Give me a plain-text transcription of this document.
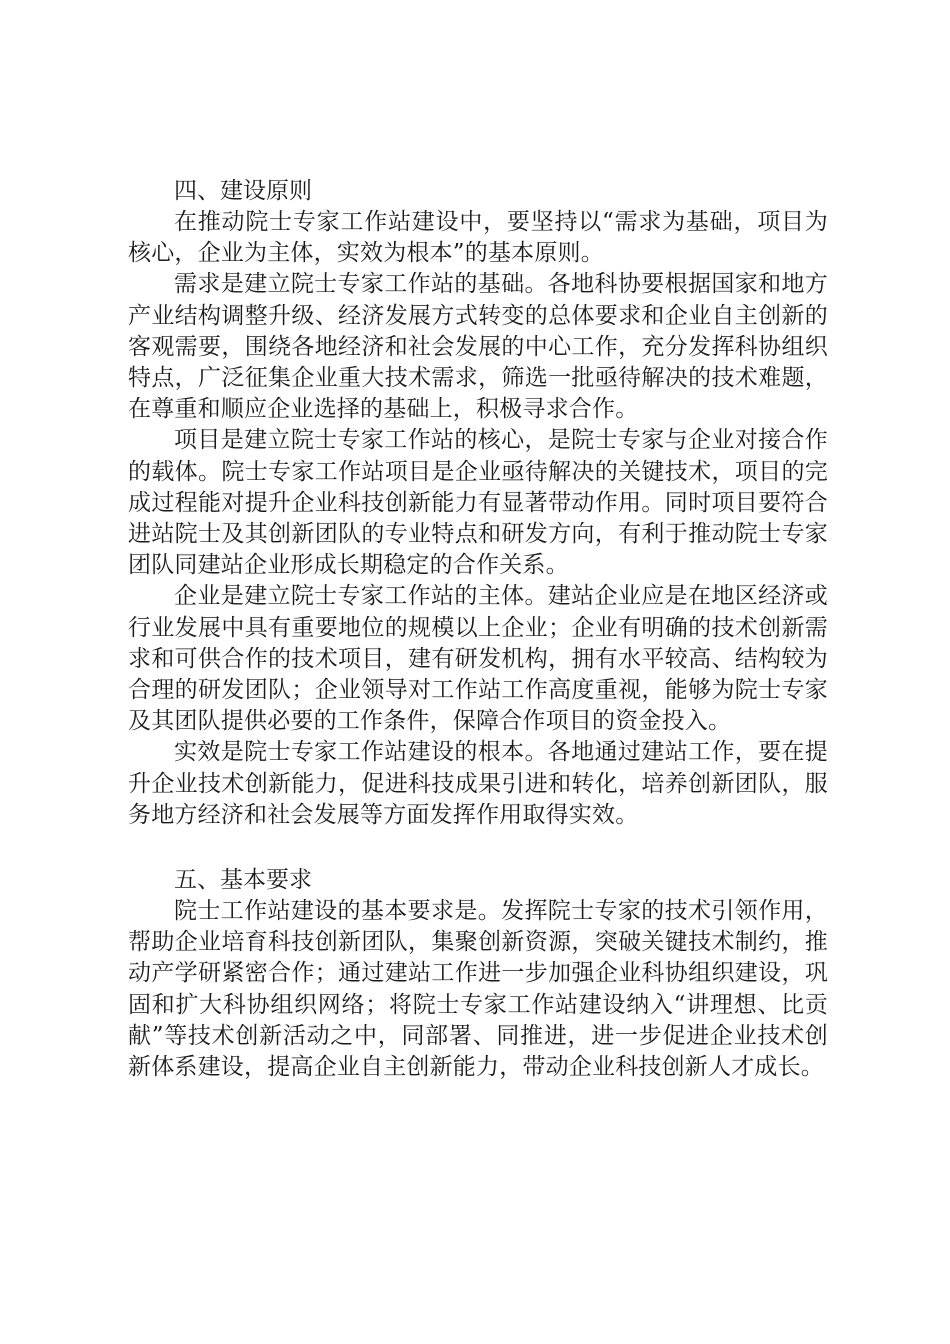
四、建设原则

在推动院士专家工作站建设中，要坚持以“需求为基础，项目为核心，企业为主体，实效为根本”的基本原则。

需求是建立院士专家工作站的基础。各地科协要根据国家和地方产业结构调整升级、经济发展方式转变的总体要求和企业自主创新的客观需要，围绕各地经济和社会发展的中心工作，充分发挥科协组织特点，广泛征集企业重大技术需求，筛选一批亟待解决的技术难题，在尊重和顺应企业选择的基础上，积极寻求合作。

项目是建立院士专家工作站的核心，是院士专家与企业对接合作的载体。院士专家工作站项目是企业亟待解决的关键技术，项目的完成过程能对提升企业科技创新能力有显著带动作用。同时项目要符合进站院士及其创新团队的专业特点和研发方向，有利于推动院士专家团队同建站企业形成长期稳定的合作关系。

企业是建立院士专家工作站的主体。建站企业应是在地区经济或行业发展中具有重要地位的规模以上企业；企业有明确的技术创新需求和可供合作的技术项目，建有研发机构，拥有水平较高、结构较为合理的研发团队；企业领导对工作站工作高度重视，能够为院士专家及其团队提供必要的工作条件，保障合作项目的资金投入。

实效是院士专家工作站建设的根本。各地通过建站工作，要在提升企业技术创新能力，促进科技成果引进和转化，培养创新团队，服务地方经济和社会发展等方面发挥作用取得实效。

五、基本要求

院士工作站建设的基本要求是。发挥院士专家的技术引领作用，帮助企业培育科技创新团队，集聚创新资源，突破关键技术制约，推动产学研紧密合作；通过建站工作进一步加强企业科协组织建设，巩固和扩大科协组织网络；将院士专家工作站建设纳入“讲理想、比贡献”等技术创新活动之中，同部署、同推进，进一步促进企业技术创新体系建设，提高企业自主创新能力，带动企业科技创新人才成长。
